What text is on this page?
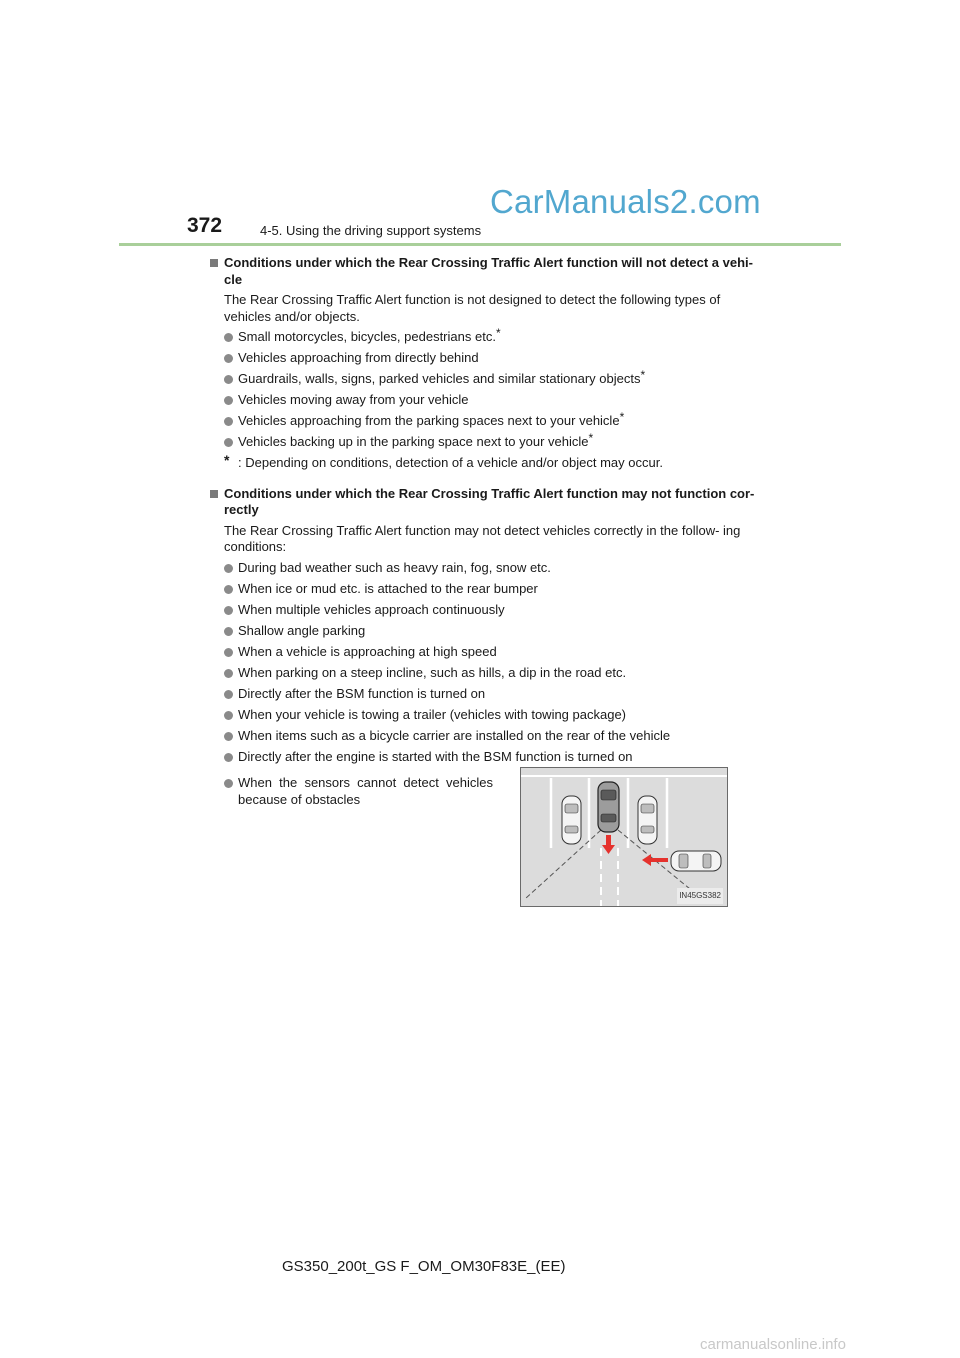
CarManuals2.com
372	4-5. Using the driving support systems
Conditions under which the Rear Crossing Traffic Alert function will not detect a vehi- cle
The Rear Crossing Traffic Alert function is not designed to detect the following types of vehicles and/or objects.
Small motorcycles, bicycles, pedestrians etc.*
Vehicles approaching from directly behind
Guardrails, walls, signs, parked vehicles and similar stationary objects*
Vehicles moving away from your vehicle
Vehicles approaching from the parking spaces next to your vehicle*
Vehicles backing up in the parking space next to your vehicle*
* : Depending on conditions, detection of a vehicle and/or object may occur.
Conditions under which the Rear Crossing Traffic Alert function may not function cor- rectly
The Rear Crossing Traffic Alert function may not detect vehicles correctly in the follow- ing conditions:
During bad weather such as heavy rain, fog, snow etc.
When ice or mud etc. is attached to the rear bumper
When multiple vehicles approach continuously
Shallow angle parking
When a vehicle is approaching at high speed
When parking on a steep incline, such as hills, a dip in the road etc.
Directly after the BSM function is turned on
When your vehicle is towing a trailer (vehicles with towing package)
When items such as a bicycle carrier are installed on the rear of the vehicle
Directly after the engine is started with the BSM function is turned on
When the sensors cannot detect vehicles because of obstacles
IN45GS382
GS350_200t_GS F_OM_OM30F83E_(EE)
carmanualsonline.info
